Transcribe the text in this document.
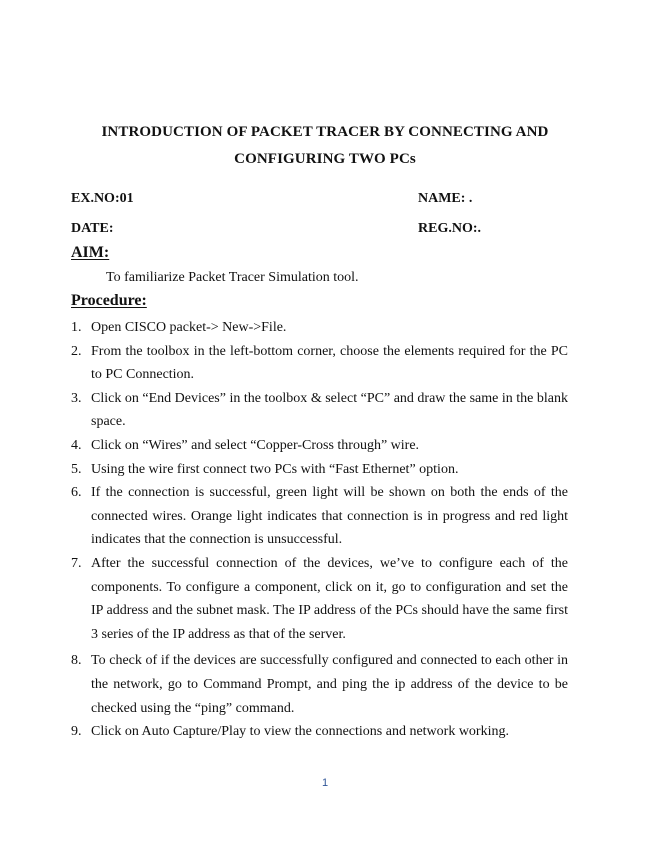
INTRODUCTION OF PACKET TRACER BY CONNECTING AND
CONFIGURING TWO PCs
EX.NO:01	NAME: .
DATE:	REG.NO:.
AIM:
To familiarize Packet Tracer Simulation tool.
Procedure:
1. Open CISCO packet-> New->File.
2. From the toolbox in the left-bottom corner, choose the elements required for the PC to PC Connection.
3. Click on “End Devices” in the toolbox & select “PC” and draw the same in the blank space.
4. Click on “Wires” and select “Copper-Cross through” wire.
5. Using the wire first connect two PCs with “Fast Ethernet” option.
6. If the connection is successful, green light will be shown on both the ends of the connected wires. Orange light indicates that connection is in progress and red light indicates that the connection is unsuccessful.
7. After the successful connection of the devices, we’ve to configure each of the components. To configure a component, click on it, go to configuration and set the IP address and the subnet mask. The IP address of the PCs should have the same first 3 series of the IP address as that of the server.
8. To check of if the devices are successfully configured and connected to each other in the network, go to Command Prompt, and ping the ip address of the device to be checked using the “ping” command.
9. Click on Auto Capture/Play to view the connections and network working.
1
